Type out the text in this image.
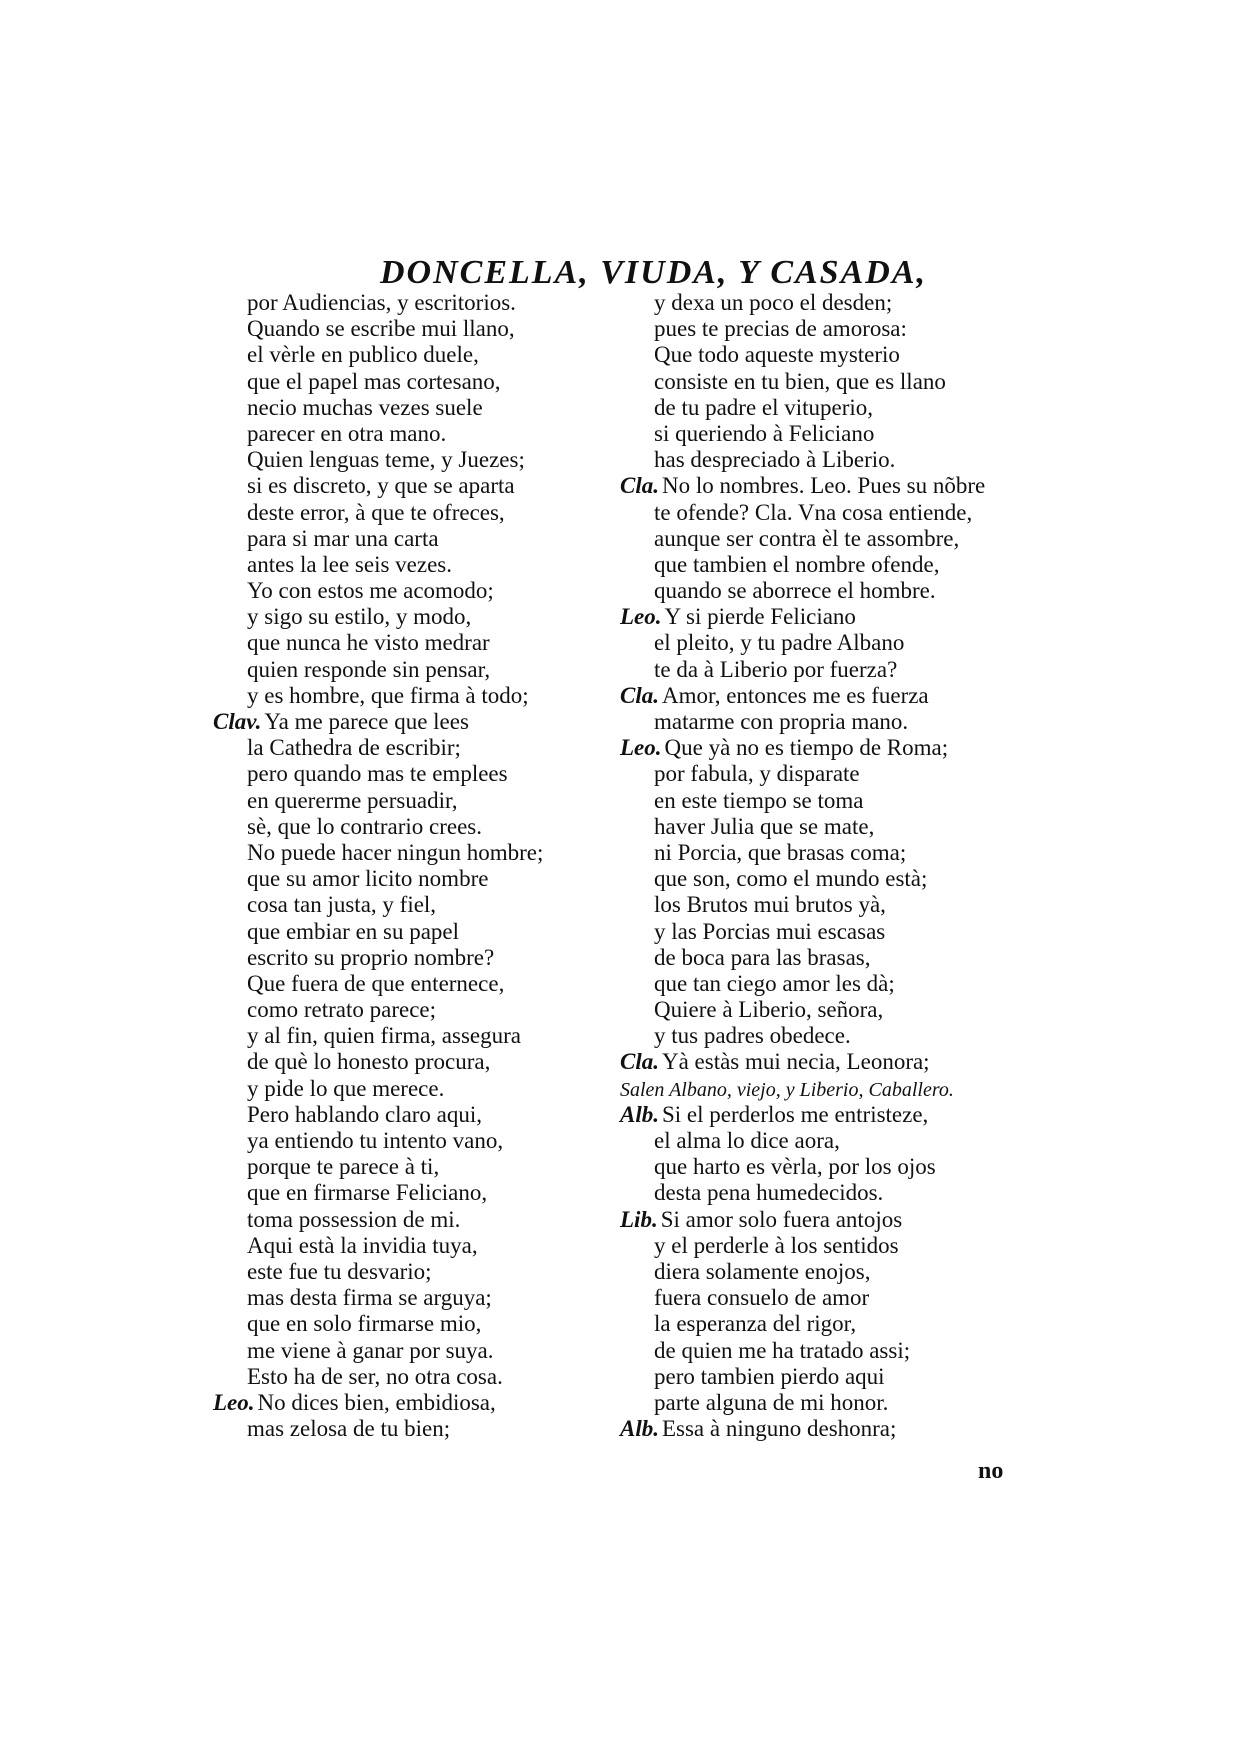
DONCELLA, VIUDA, Y CASADA,
por Audiencias, y escritorios.
Quando se escribe mui llano,
el vèrle en publico duele,
que el papel mas cortesano,
necio muchas vezes suele
parecer en otra mano.
Quien lenguas teme, y Juezes;
si es discreto, y que se aparta
deste error, à que te ofreces,
para si mar una carta
antes la lee seis vezes.
Yo con estos me acomodo;
y sigo su estilo, y modo,
que nunca he visto medrar
quien responde sin pensar,
y es hombre, que firma à todo;
Clav. Ya me parece que lees
la Cathedra de escribir;
pero quando mas te emplees
en quererme persuadir,
sè, que lo contrario crees.
No puede hacer ningun hombre;
que su amor licito nombre
cosa tan justa, y fiel,
que embiar en su papel
escrito su proprio nombre?
Que fuera de que enternece,
como retrato parece;
y al fin, quien firma, assegura
de què lo honesto procura,
y pide lo que merece.
Pero hablando claro aqui,
ya entiendo tu intento vano,
porque te parece à ti,
que en firmarse Feliciano,
toma possession de mi.
Aqui està la invidia tuya,
este fue tu desvario;
mas desta firma se arguya;
que en solo firmarse mio,
me viene à ganar por suya.
Esto ha de ser, no otra cosa.
Leo. No dices bien, embidiosa,
mas zelosa de tu bien;
y dexa un poco el desden;
pues te precias de amorosa:
Que todo aqueste mysterio
consiste en tu bien, que es llano
de tu padre el vituperio,
si queriendo à Feliciano
has despreciado à Liberio.
Cla. No lo nombres. Leo. Pues su nõbre
te ofende? Cla. Vna cosa entiende,
aunque ser contra èl te assombre,
que tambien el nombre ofende,
quando se aborrece el hombre.
Leo. Y si pierde Feliciano
el pleito, y tu padre Albano
te da à Liberio por fuerza?
Cla. Amor, entonces me es fuerza
matarme con propria mano.
Leo. Que yà no es tiempo de Roma;
por fabula, y disparate
en este tiempo se toma
haver Julia que se mate,
ni Porcia, que brasas coma;
que son, como el mundo està;
los Brutos mui brutos yà,
y las Porcias mui escasas
de boca para las brasas,
que tan ciego amor les dà;
Quiere à Liberio, señora,
y tus padres obedece.
Cla. Yà estàs mui necia, Leonora;
Salen Albano, viejo, y Liberio, Caballero.
Alb. Si el perderlos me entristeze,
el alma lo dice aora,
que harto es vèrla, por los ojos
desta pena humedecidos.
Lib. Si amor solo fuera antojos
y el perderle à los sentidos
diera solamente enojos,
fuera consuelo de amor
la esperanza del rigor,
de quien me ha tratado assi;
pero tambien pierdo aqui
parte alguna de mi honor.
Alb. Essa à ninguno deshonra;
no
